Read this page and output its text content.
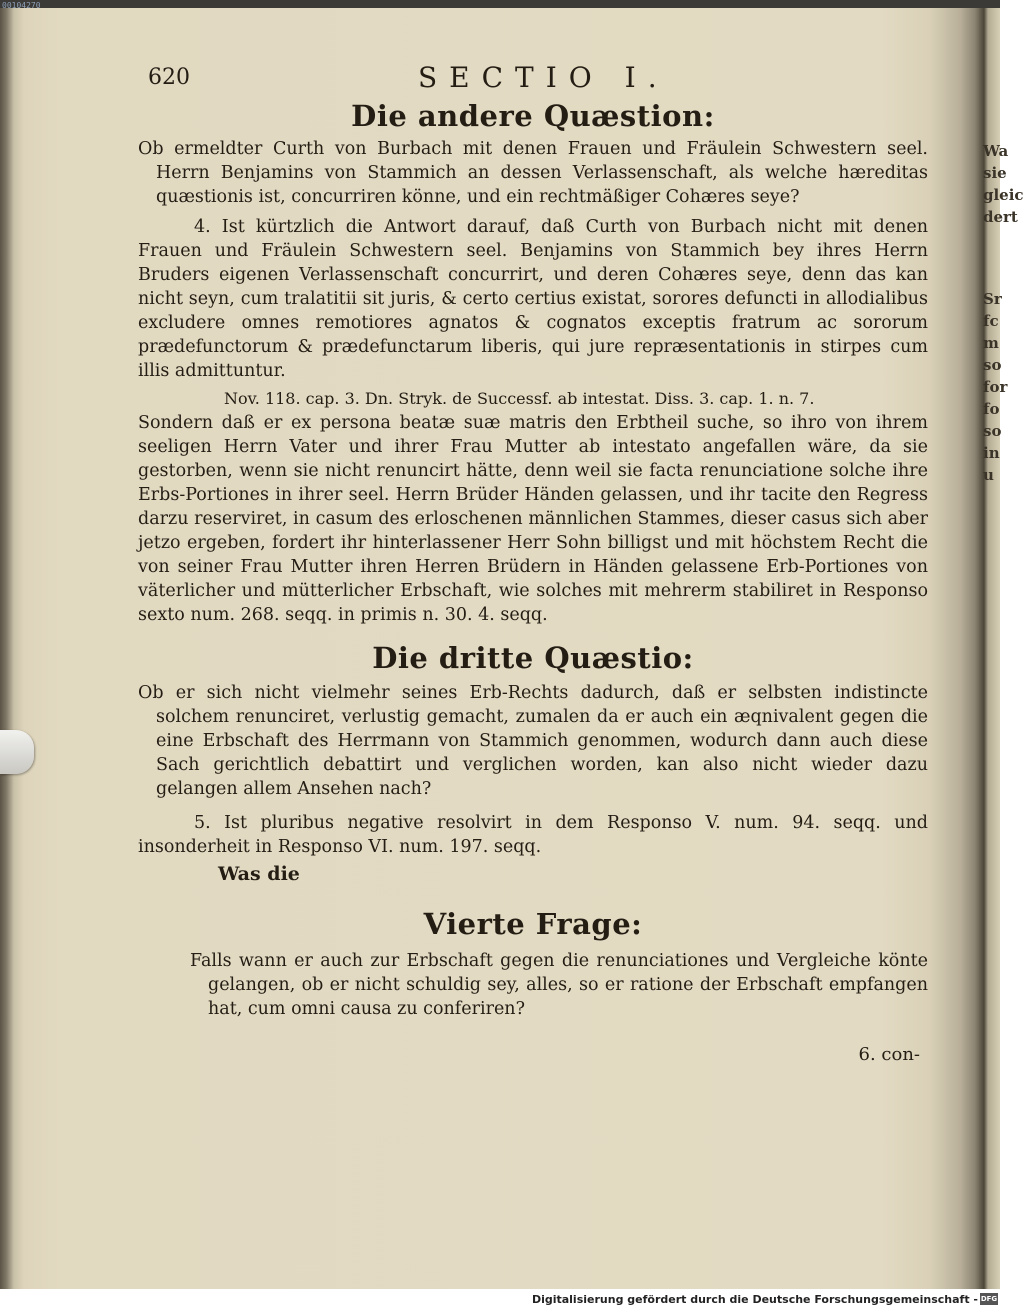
00104270
Wa
sie
gleic
dert
Sr
fc
m
so
for
fo
so
in
u
620	SECTIO I.
Die andere Quæstion:

Ob ermeldter Curth von Burbach mit denen Frauen und Fräulein Schwestern seel. Herrn Benjamins von Stammich an dessen Verlassenschaft, als welche hæreditas quæstionis ist, concurriren könne, und ein rechtmäßiger Cohæres seye?

4. Ist kürtzlich die Antwort darauf, daß Curth von Burbach nicht mit denen Frauen und Fräulein Schwestern seel. Benjamins von Stammich bey ihres Herrn Bruders eigenen Verlassenschaft concurrirt, und deren Cohæres seye, denn das kan nicht seyn, cum tralatitii sit juris, & certo certius existat, sorores defuncti in allodialibus excludere omnes remotiores agnatos & cognatos exceptis fratrum ac sororum prædefunctorum & prædefunctarum liberis, qui jure repræsentationis in stirpes cum illis admittuntur.

Nov. 118. cap. 3. Dn. Stryk. de Successf. ab intestat. Diss. 3. cap. 1. n. 7.

Sondern daß er ex persona beatæ suæ matris den Erbtheil suche, so ihro von ihrem seeligen Herrn Vater und ihrer Frau Mutter ab intestato angefallen wäre, da sie gestorben, wenn sie nicht renuncirt hätte, denn weil sie facta renunciatione solche ihre Erbs-Portiones in ihrer seel. Herrn Brüder Händen gelassen, und ihr tacite den Regress darzu reserviret, in casum des erloschenen männlichen Stammes, dieser casus sich aber jetzo ergeben, fordert ihr hinterlassener Herr Sohn billigst und mit höchstem Recht die von seiner Frau Mutter ihren Herren Brüdern in Händen gelassene Erb-Portiones von väterlicher und mütterlicher Erbschaft, wie solches mit mehrerm stabiliret in Responso sexto num. 268. seqq. in primis n. 30. 4. seqq.

Die dritte Quæstio:

Ob er sich nicht vielmehr seines Erb-Rechts dadurch, daß er selbsten indistincte solchem renunciret, verlustig gemacht, zumalen da er auch ein æqnivalent gegen die eine Erbschaft des Herrmann von Stammich genommen, wodurch dann auch diese Sach gerichtlich debattirt und verglichen worden, kan also nicht wieder dazu gelangen allem Ansehen nach?

5. Ist pluribus negative resolvirt in dem Responso V. num. 94. seqq. und insonderheit in Responso VI. num. 197. seqq.

Was die

Vierte Frage:

Falls wann er auch zur Erbschaft gegen die renunciationes und Vergleiche könte gelangen, ob er nicht schuldig sey, alles, so er ratione der Erbschaft empfangen hat, cum omni causa zu conferiren?

6. con-

Digitalisierung gefördert durch die Deutsche Forschungsgemeinschaft - DFG
